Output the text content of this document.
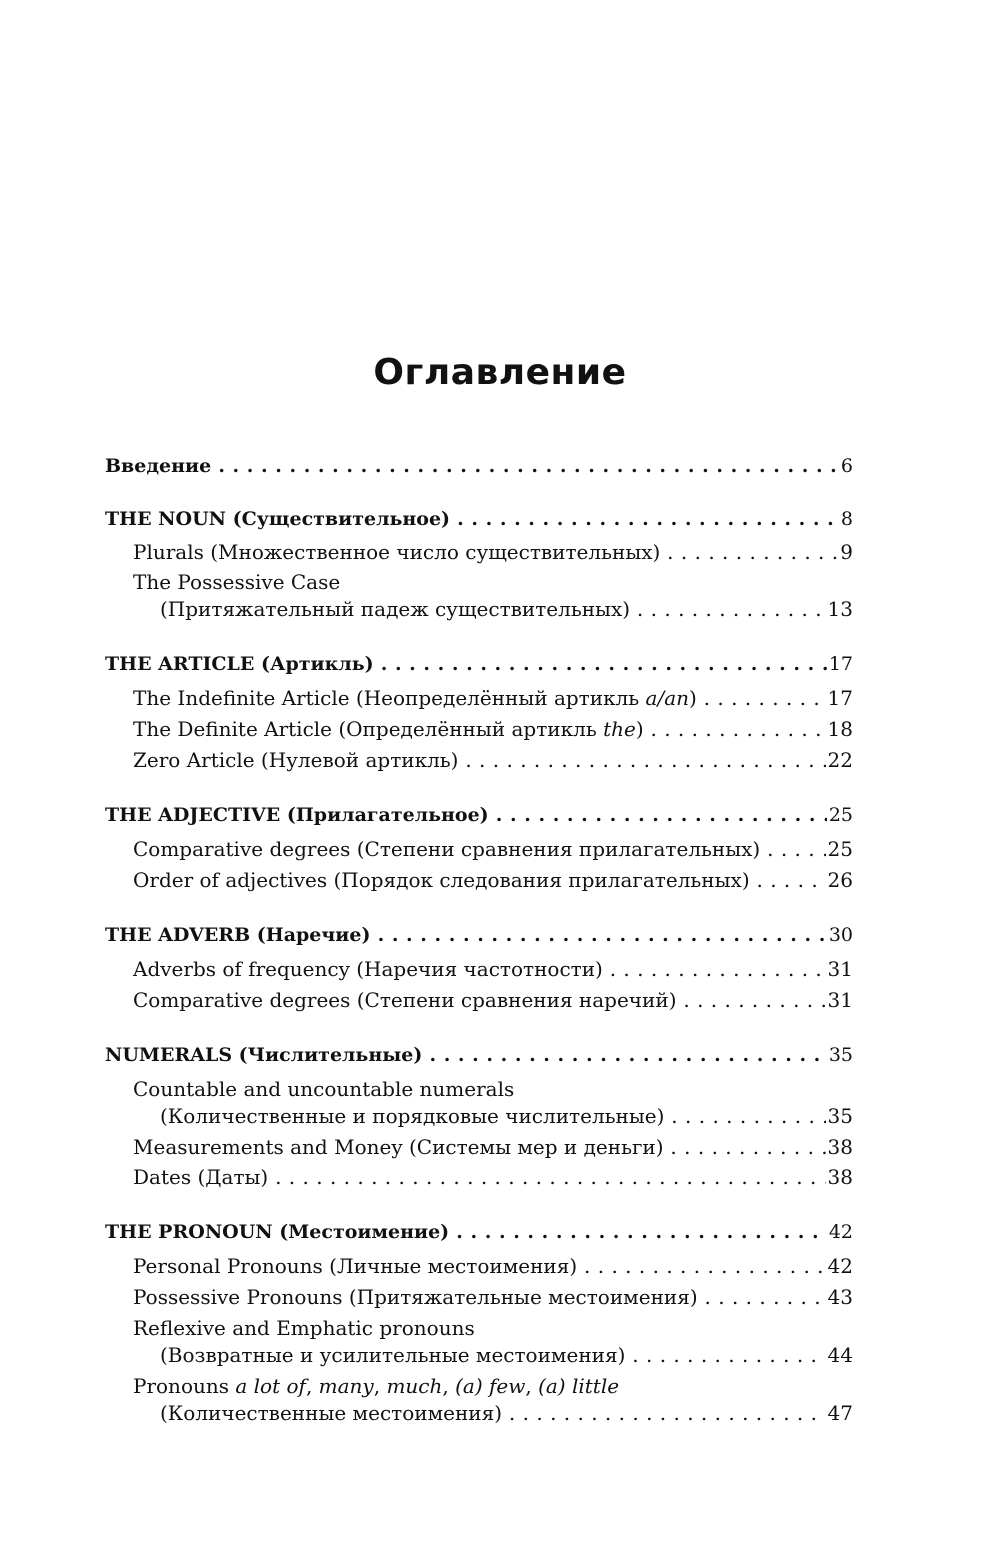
Оглавление
Введение . . .	6
THE NOUN (Существительное) . . .	8
Plurals (Множественное число существительных) . . .	9
The Possessive Case
(Притяжательный падеж существительных) . . .	13
THE ARTICLE (Артикль) . . .	17
The Indefinite Article (Неопределённый артикль a/an) . . .	17
The Definite Article (Определённый артикль the) . . .	18
Zero Article (Нулевой артикль) . . .	22
THE ADJECTIVE (Прилагательное) . . .	25
Comparative degrees (Степени сравнения прилагательных) . . .	25
Order of adjectives (Порядок следования прилагательных) . . .	26
THE ADVERB (Наречие) . . .	30
Adverbs of frequency (Наречия частотности) . . .	31
Comparative degrees (Степени сравнения наречий) . . .	31
NUMERALS (Числительные) . . .	35
Countable and uncountable numerals
(Количественные и порядковые числительные) . . .	35
Measurements and Money (Системы мер и деньги) . . .	38
Dates (Даты) . . .	38
THE PRONOUN (Местоимение) . . .	42
Personal Pronouns (Личные местоимения) . . .	42
Possessive Pronouns (Притяжательные местоимения) . . .	43
Reflexive and Emphatic pronouns
(Возвратные и усилительные местоимения) . . .	44
Pronouns a lot of, many, much, (a) few, (a) little
(Количественные местоимения) . . .	47
